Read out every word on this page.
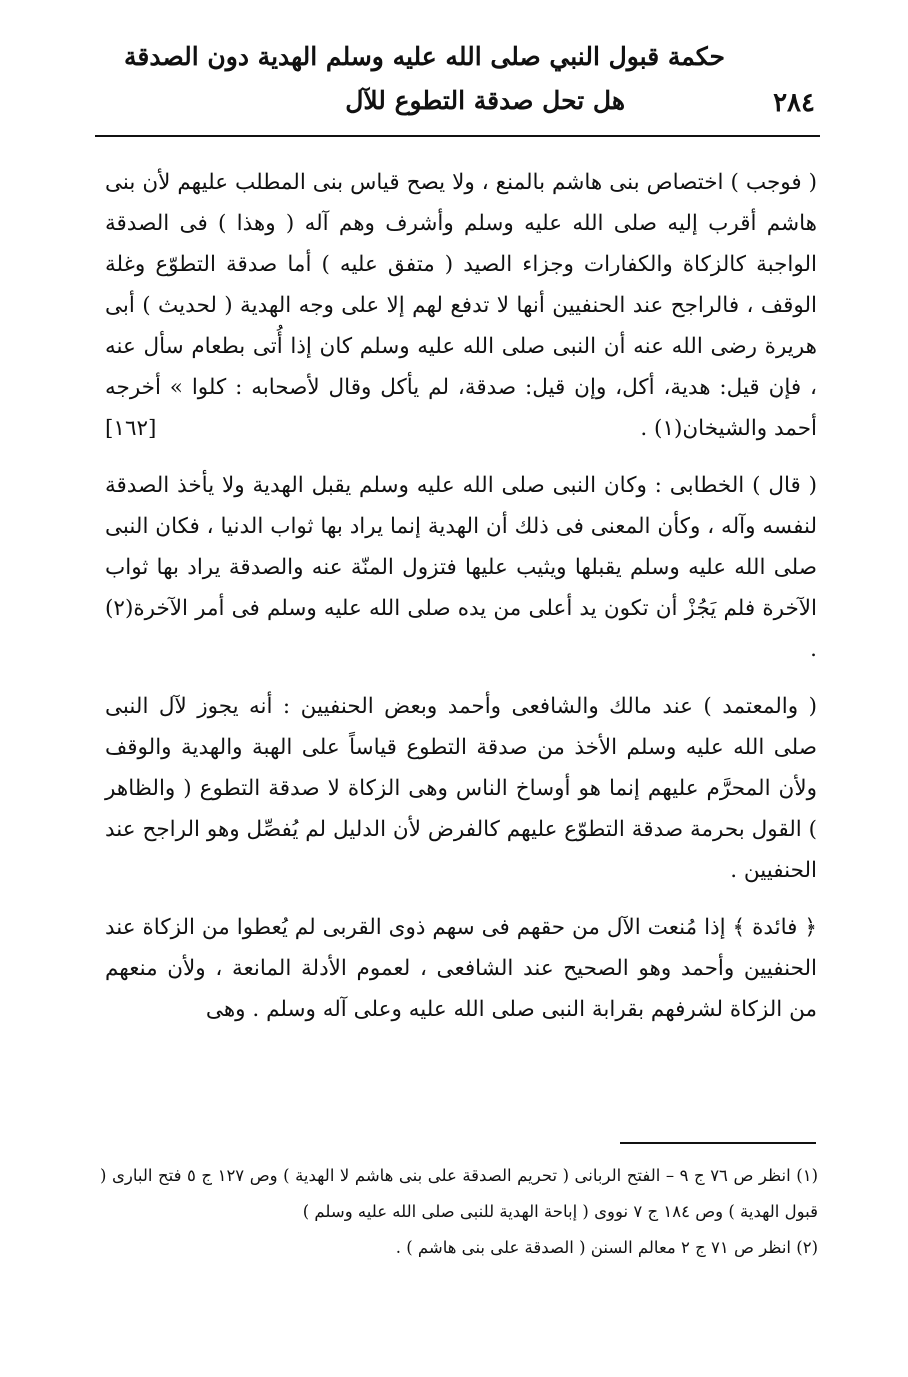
حكمة قبول النبي صلى الله عليه وسلم الهدية دون الصدقة
هل تحل صدقة التطوع للآل	٢٨٤

( فوجب ) اختصاص بنى هاشم بالمنع ، ولا يصح قياس بنى المطلب عليهم لأن بنى هاشم أقرب إليه صلى الله عليه وسلم وأشرف وهم آله ( وهذا ) فى الصدقة الواجبة كالزكاة والكفارات وجزاء الصيد ( متفق عليه ) أما صدقة التطوّع وغلة الوقف ، فالراجح عند الحنفيين أنها لا تدفع لهم إلا على وجه الهدية ( لحديث ) أبى هريرة رضى الله عنه أن النبى صلى الله عليه وسلم كان إذا أُتى بطعام سأل عنه ، فإن قيل: هدية، أكل، وإن قيل: صدقة، لم يأكل وقال لأصحابه : كلوا » أخرجه أحمد والشيخان(١) .
[١٦٢]

( قال ) الخطابى : وكان النبى صلى الله عليه وسلم يقبل الهدية ولا يأخذ الصدقة لنفسه وآله ، وكأن المعنى فى ذلك أن الهدية إنما يراد بها ثواب الدنيا ، فكان النبى صلى الله عليه وسلم يقبلها ويثيب عليها فتزول المنّة عنه والصدقة يراد بها ثواب الآخرة فلم يَجُزْ أن تكون يد أعلى من يده صلى الله عليه وسلم فى أمر الآخرة(٢) .

( والمعتمد ) عند مالك والشافعى وأحمد وبعض الحنفيين : أنه يجوز لآل النبى صلى الله عليه وسلم الأخذ من صدقة التطوع قياساً على الهبة والهدية والوقف ولأن المحرَّم عليهم إنما هو أوساخ الناس وهى الزكاة لا صدقة التطوع ( والظاهر ) القول بحرمة صدقة التطوّع عليهم كالفرض لأن الدليل لم يُفصِّل وهو الراجح عند الحنفيين .

﴿ فائدة ﴾ إذا مُنعت الآل من حقهم فى سهم ذوى القربى لم يُعطوا من الزكاة عند الحنفيين وأحمد وهو الصحيح عند الشافعى ، لعموم الأدلة المانعة ، ولأن منعهم من الزكاة لشرفهم بقرابة النبى صلى الله عليه وعلى آله وسلم . وهى

(١) انظر ص ٧٦ ج ٩ – الفتح الربانى ( تحريم الصدقة على بنى هاشم لا الهدية ) وص ١٢٧ ج ٥ فتح البارى ( قبول الهدية ) وص ١٨٤ ج ٧ نووى ( إباحة الهدية للنبى صلى الله عليه وسلم )

(٢) انظر ص ٧١ ج ٢ معالم السنن ( الصدقة على بنى هاشم ) .
